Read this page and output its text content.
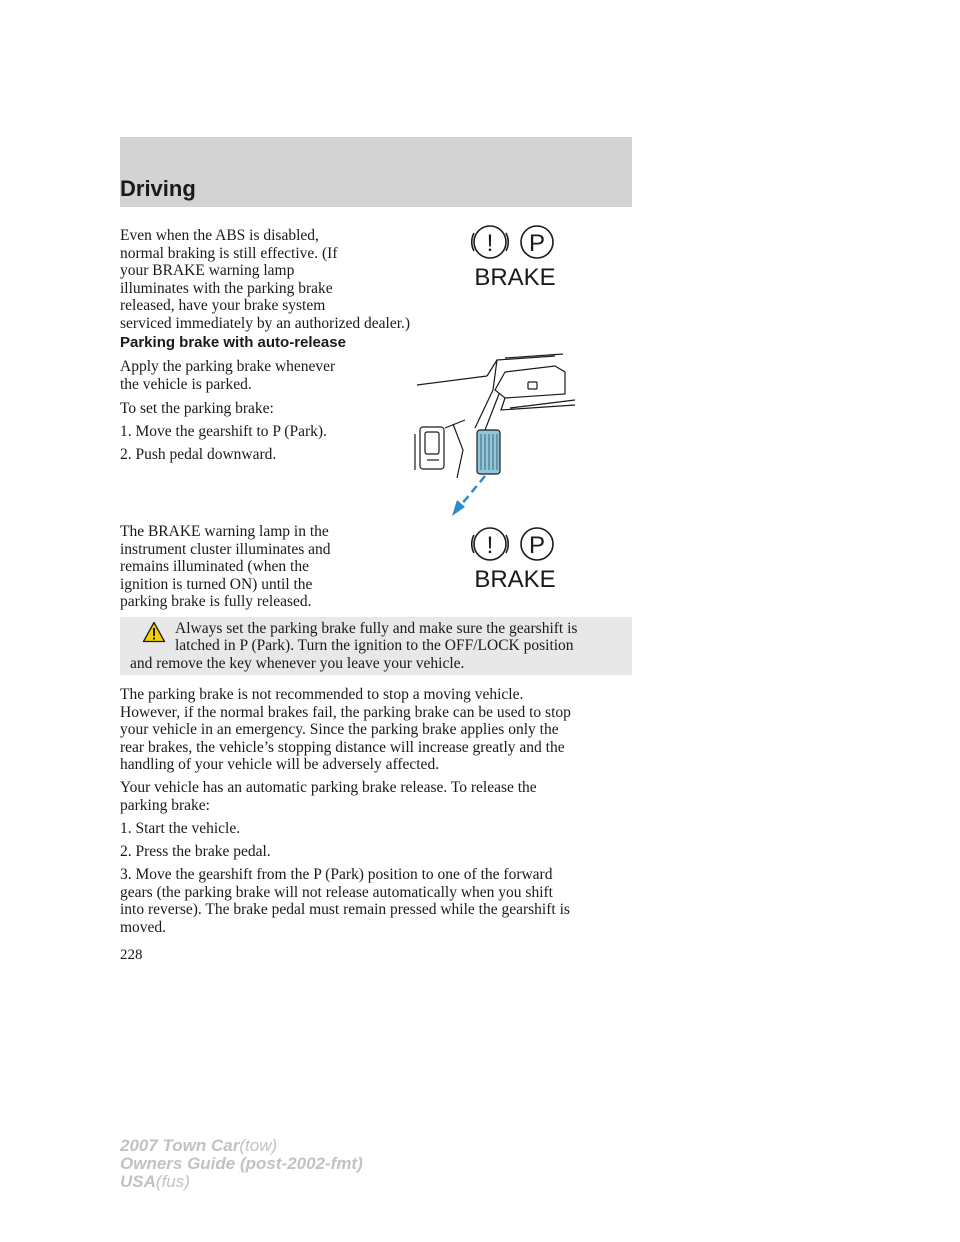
Driving

Even when the ABS is disabled,

normal braking is still effective. (If

your BRAKE warning lamp

illuminates with the parking brake

released, have your brake system

serviced immediately by an authorized dealer.)

! P
BRAKE
Parking brake with auto-release

Apply the parking brake whenever

the vehicle is parked.

To set the parking brake:

1. Move the gearshift to P (Park).

2. Push pedal downward.

The BRAKE warning lamp in the

instrument cluster illuminates and

remains illuminated (when the

ignition is turned ON) until the

parking brake is fully released.

! P
BRAKE

Always set the parking brake fully and make sure the gearshift is

latched in P (Park). Turn the ignition to the OFF/LOCK position

and remove the key whenever you leave your vehicle.

The parking brake is not recommended to stop a moving vehicle.

However, if the normal brakes fail, the parking brake can be used to stop

your vehicle in an emergency. Since the parking brake applies only the

rear brakes, the vehicle’s stopping distance will increase greatly and the

handling of your vehicle will be adversely affected.

Your vehicle has an automatic parking brake release. To release the

parking brake:

1. Start the vehicle.

2. Press the brake pedal.

3. Move the gearshift from the P (Park) position to one of the forward

gears (the parking brake will not release automatically when you shift

into reverse). The brake pedal must remain pressed while the gearshift is

moved.

228

2007 Town Car(tow)

Owners Guide (post-2002-fmt)

USA(fus)
